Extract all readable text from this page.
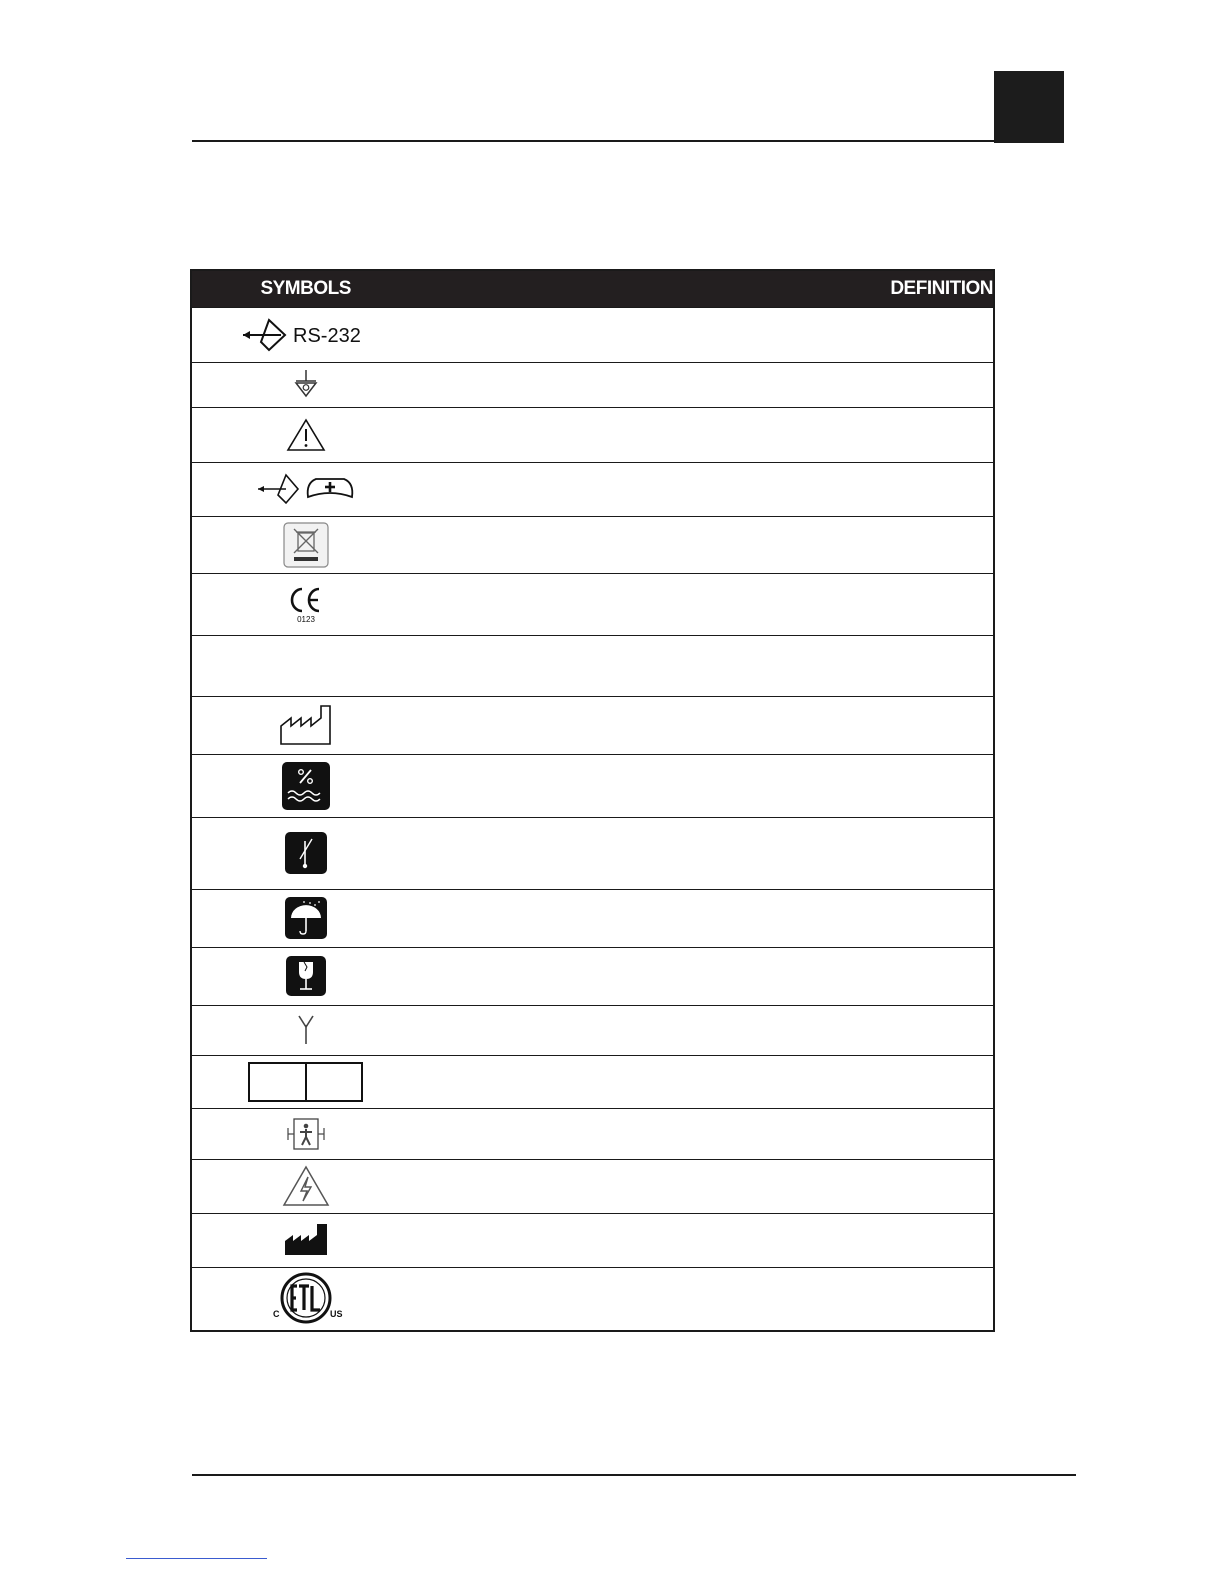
SYMBOLS	DEFINITION

RS-232	

0123	

C US	
